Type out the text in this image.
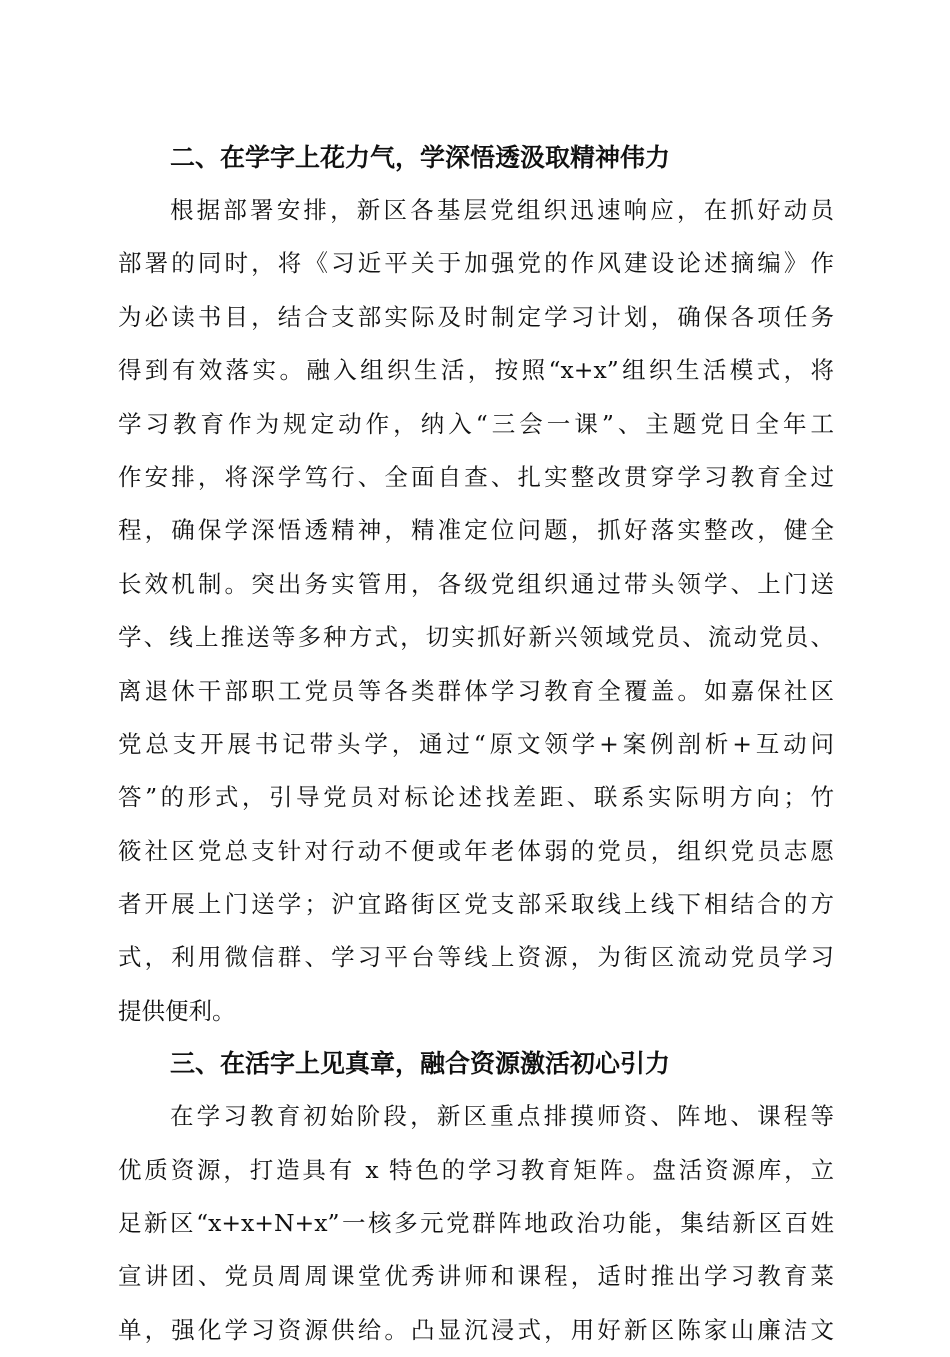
二、在学字上花力气，学深悟透汲取精神伟力

根据部署安排，新区各基层党组织迅速响应，在抓好动员

部署的同时，将《习近平关于加强党的作风建设论述摘编》作

为必读书目，结合支部实际及时制定学习计划，确保各项任务

得到有效落实。融入组织生活，按照“x+x”组织生活模式，将

学习教育作为规定动作，纳入“三会一课”、主题党日全年工

作安排，将深学笃行、全面自查、扎实整改贯穿学习教育全过

程，确保学深悟透精神，精准定位问题，抓好落实整改，健全

长效机制。突出务实管用，各级党组织通过带头领学、上门送

学、线上推送等多种方式，切实抓好新兴领域党员、流动党员、

离退休干部职工党员等各类群体学习教育全覆盖。如嘉保社区

党总支开展书记带头学，通过“原文领学+案例剖析+互动问

答”的形式，引导党员对标论述找差距、联系实际明方向；竹

筱社区党总支针对行动不便或年老体弱的党员，组织党员志愿

者开展上门送学；沪宜路街区党支部采取线上线下相结合的方

式，利用微信群、学习平台等线上资源，为街区流动党员学习

提供便利。

三、在活字上见真章，融合资源激活初心引力

在学习教育初始阶段，新区重点排摸师资、阵地、课程等

优质资源，打造具有 x 特色的学习教育矩阵。盘活资源库，立

足新区“x+x+N+x”一核多元党群阵地政治功能，集结新区百姓

宣讲团、党员周周课堂优秀讲师和课程，适时推出学习教育菜

单，强化学习资源供给。凸显沉浸式，用好新区陈家山廉洁文
